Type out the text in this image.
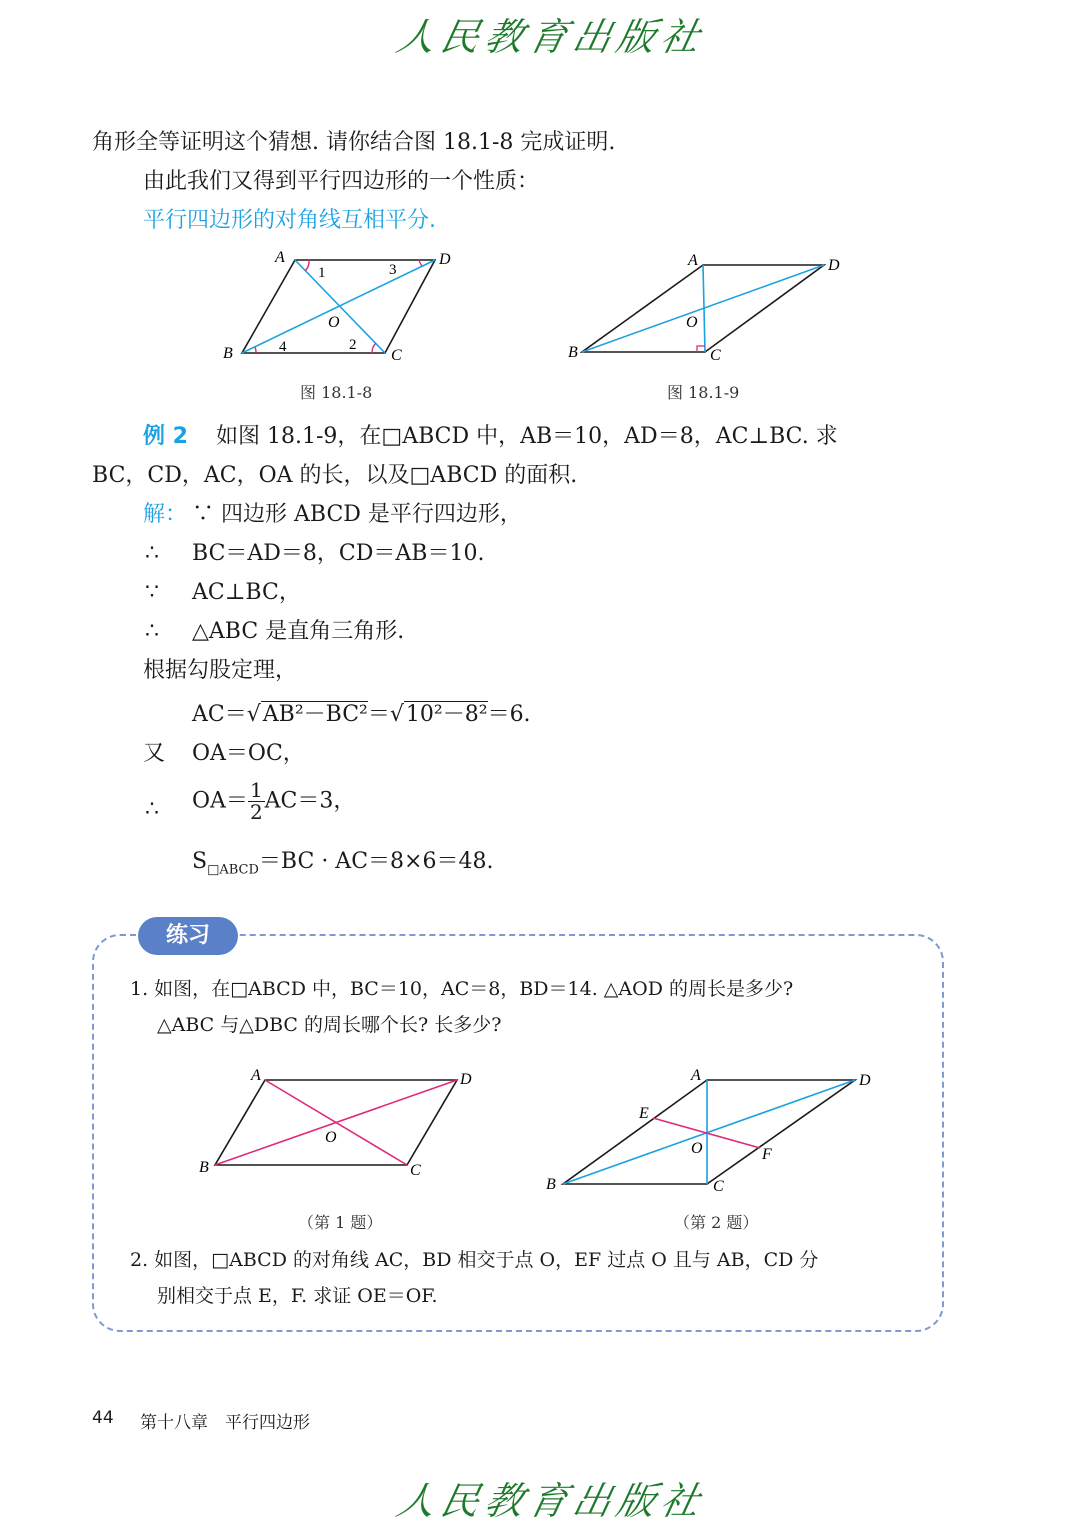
人民教育出版社
角形全等证明这个猜想. 请你结合图 18.1-8 完成证明.
由此我们又得到平行四边形的一个性质：
平行四边形的对角线互相平分.
A	D
B	C
O
1	3
2
4
图 18.1-8
A	D
B	C
O
图 18.1-9
例 2 如图 18.1-9，在□ABCD 中，AB＝10，AD＝8，AC⊥BC. 求
BC，CD，AC，OA 的长，以及□ABCD 的面积.
解： ∵ 四边形 ABCD 是平行四边形，
∴ BC＝AD＝8，CD＝AB＝10.
∵ AC⊥BC，
∴ △ABC 是直角三角形.
根据勾股定理，
AC＝√AB²－BC²＝√10²－8²＝6.
又 OA＝OC，
∴ $OA= \frac{1}{2} AC=3$，
$S_{□ABCD}=BC \cdot AC=8\times 6=48$.
练习
1. 如图，在□ABCD 中，BC＝10，AC＝8，BD＝14. △AOD 的周长是多少?
△ABC 与△DBC 的周长哪个长? 长多少?
A	D
B	C
O
（第 1 题）
A	D
B	C
O
E
F
（第 2 题）
2. 如图，□ABCD 的对角线 AC，BD 相交于点 O，EF 过点 O 且与 AB，CD 分
别相交于点 E，F. 求证 OE＝OF.
44 第十八章　平行四边形
人民教育出版社
